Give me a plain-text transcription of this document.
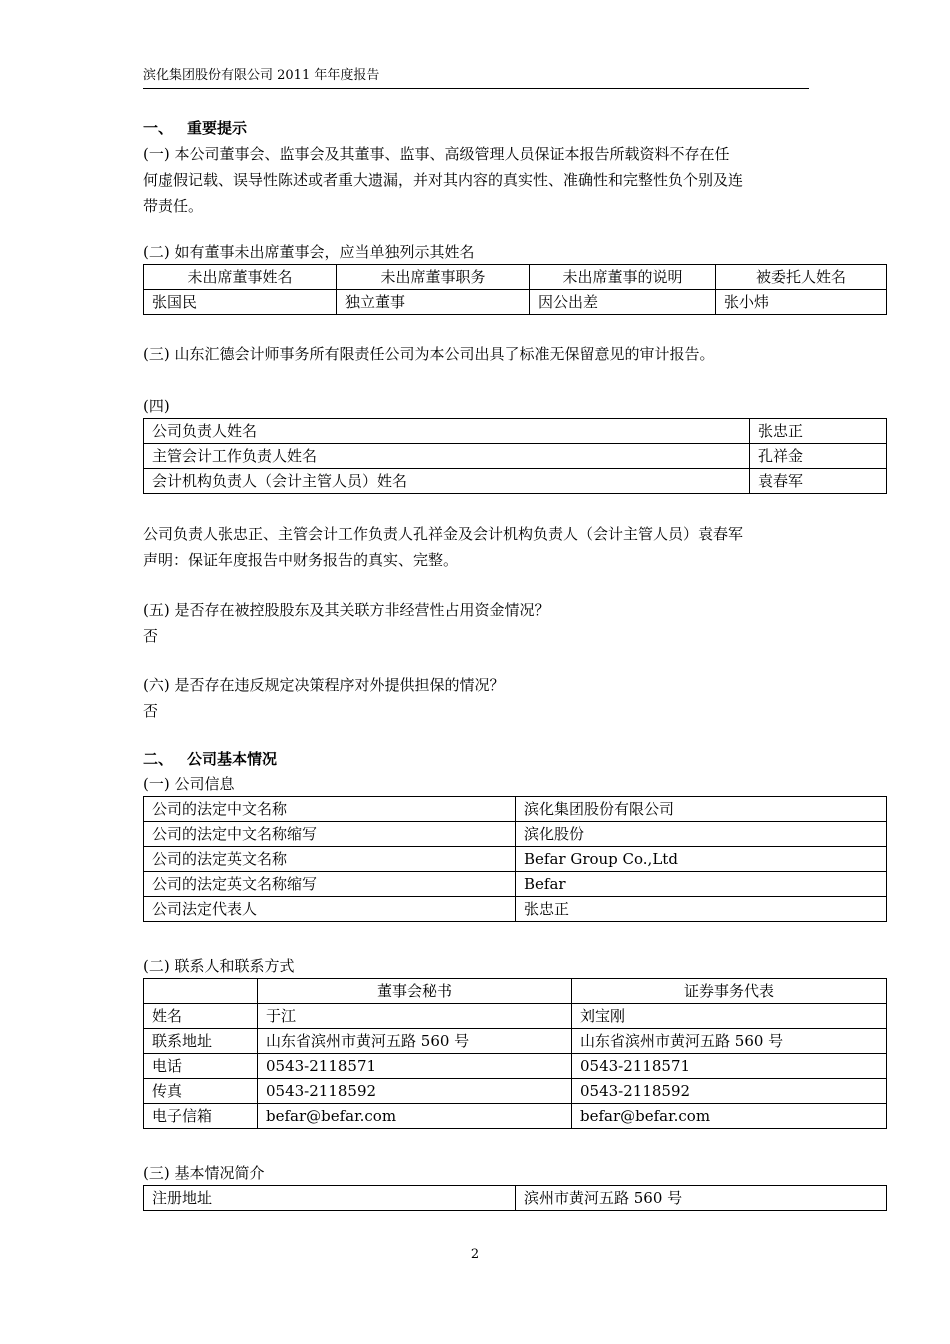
滨化集团股份有限公司 2011 年年度报告
一、 重要提示
(一) 本公司董事会、监事会及其董事、监事、高级管理人员保证本报告所载资料不存在任
何虚假记载、误导性陈述或者重大遗漏，并对其内容的真实性、准确性和完整性负个别及连
带责任。
(二) 如有董事未出席董事会，应当单独列示其姓名
未出席董事姓名	未出席董事职务	未出席董事的说明	被委托人姓名
张国民	独立董事	因公出差	张小炜
(三) 山东汇德会计师事务所有限责任公司为本公司出具了标准无保留意见的审计报告。
(四)
公司负责人姓名	张忠正
主管会计工作负责人姓名	孔祥金
会计机构负责人（会计主管人员）姓名	袁春军
公司负责人张忠正、主管会计工作负责人孔祥金及会计机构负责人（会计主管人员）袁春军
声明：保证年度报告中财务报告的真实、完整。
(五) 是否存在被控股股东及其关联方非经营性占用资金情况？
否
(六) 是否存在违反规定决策程序对外提供担保的情况？
否
二、 公司基本情况
(一) 公司信息
公司的法定中文名称	滨化集团股份有限公司
公司的法定中文名称缩写	滨化股份
公司的法定英文名称	Befar Group Co.,Ltd
公司的法定英文名称缩写	Befar
公司法定代表人	张忠正
(二) 联系人和联系方式
	董事会秘书	证券事务代表
姓名	于江	刘宝刚
联系地址	山东省滨州市黄河五路 560 号	山东省滨州市黄河五路 560 号
电话	0543-2118571	0543-2118571
传真	0543-2118592	0543-2118592
电子信箱	befar@befar.com	befar@befar.com
(三) 基本情况简介
注册地址	滨州市黄河五路 560 号
2
